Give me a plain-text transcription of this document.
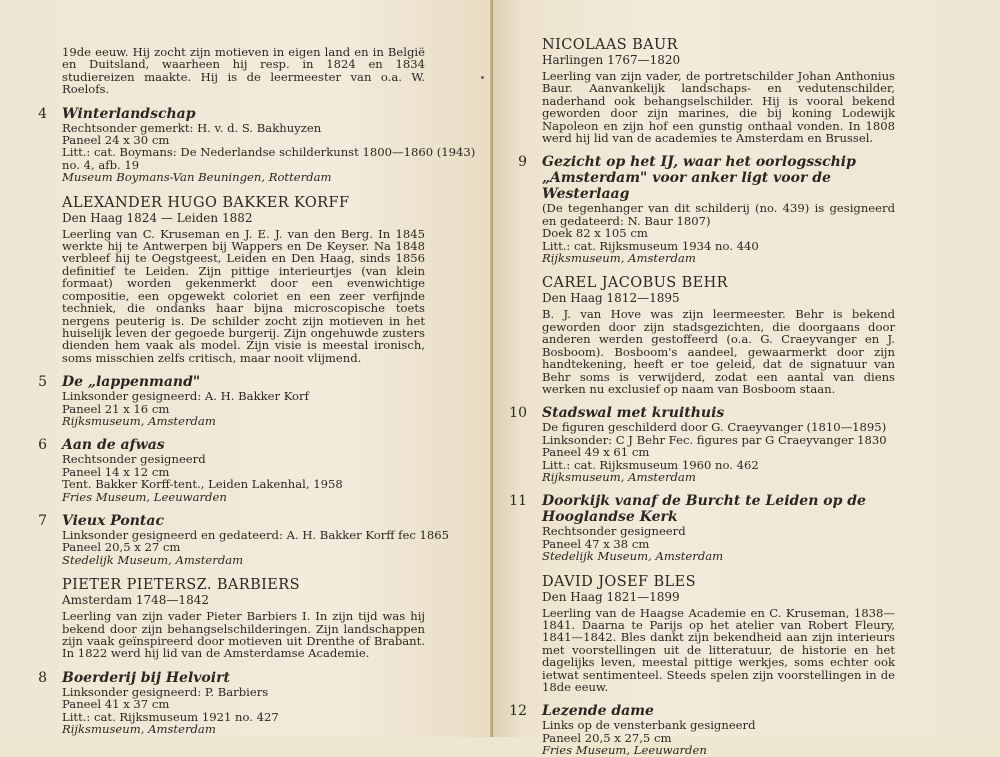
19de eeuw. Hij zocht zijn motieven in eigen land en in België en Duitsland, waarheen hij resp. in 1824 en 1834 studiereizen maakte. Hij is de leermeester van o.a. W. Roelofs.
4 Winterlandschap
Rechtsonder gemerkt: H. v. d. S. Bakhuyzen
Paneel 24 x 30 cm
Litt.: cat. Boymans: De Nederlandse schilderkunst 1800—1860 (1943)
no. 4, afb. 19
Museum Boymans-Van Beuningen, Rotterdam
ALEXANDER HUGO BAKKER KORFF
Den Haag 1824 — Leiden 1882
Leerling van C. Kruseman en J. E. J. van den Berg. In 1845 werkte hij te Antwerpen bij Wappers en De Keyser. Na 1848 verbleef hij te Oegstgeest, Leiden en Den Haag, sinds 1856 definitief te Leiden. Zijn pittige interieurtjes (van klein formaat) worden gekenmerkt door een evenwichtige compositie, een opgewekt coloriet en een zeer verfijnde techniek, die ondanks haar bijna microscopische toets nergens peuterig is. De schilder zocht zijn motieven in het huiselijk leven der gegoede burgerij. Zijn ongehuwde zusters dienden hem vaak als model. Zijn visie is meestal ironisch, soms misschien zelfs critisch, maar nooit vlijmend.
5 De „lappenmand"
Linksonder gesigneerd: A. H. Bakker Korf
Paneel 21 x 16 cm
Rijksmuseum, Amsterdam
6 Aan de afwas
Rechtsonder gesigneerd
Paneel 14 x 12 cm
Tent. Bakker Korff-tent., Leiden Lakenhal, 1958
Fries Museum, Leeuwarden
7 Vieux Pontac
Linksonder gesigneerd en gedateerd: A. H. Bakker Korff fec 1865
Paneel 20,5 x 27 cm
Stedelijk Museum, Amsterdam
PIETER PIETERSZ. BARBIERS
Amsterdam 1748—1842
Leerling van zijn vader Pieter Barbiers I. In zijn tijd was hij bekend door zijn behangselschilderingen. Zijn landschappen zijn vaak geïnspireerd door motieven uit Drenthe of Brabant. In 1822 werd hij lid van de Amsterdamse Academie.
8 Boerderij bij Helvoirt
Linksonder gesigneerd: P. Barbiers
Paneel 41 x 37 cm
Litt.: cat. Rijksmuseum 1921 no. 427
Rijksmuseum, Amsterdam
NICOLAAS BAUR
Harlingen 1767—1820
Leerling van zijn vader, de portretschilder Johan Anthonius Baur. Aanvankelijk landschaps- en vedutenschilder, naderhand ook behangselschilder. Hij is vooral bekend geworden door zijn marines, die bij koning Lodewijk Napoleon en zijn hof een gunstig onthaal vonden. In 1808 werd hij lid van de academies te Amsterdam en Brussel.
9 Gezicht op het IJ, waar het oorlogsschip „Amsterdam" voor anker ligt voor de Westerlaag
(De tegenhanger van dit schilderij (no. 439) is gesigneerd en gedateerd: N. Baur 1807)
Doek 82 x 105 cm
Litt.: cat. Rijksmuseum 1934 no. 440
Rijksmuseum, Amsterdam
CAREL JACOBUS BEHR
Den Haag 1812—1895
B. J. van Hove was zijn leermeester. Behr is bekend geworden door zijn stadsgezichten, die doorgaans door anderen werden gestoffeerd (o.a. G. Craeyvanger en J. Bosboom). Bosboom's aandeel, gewaarmerkt door zijn handtekening, heeft er toe geleid, dat de signatuur van Behr soms is verwijderd, zodat een aantal van diens werken nu exclusief op naam van Bosboom staan.
10 Stadswal met kruithuis
De figuren geschilderd door G. Craeyvanger (1810—1895)
Linksonder: C J Behr Fec. figures par G Craeyvanger 1830
Paneel 49 x 61 cm
Litt.: cat. Rijksmuseum 1960 no. 462
Rijksmuseum, Amsterdam
11 Doorkijk vanaf de Burcht te Leiden op de Hooglandse Kerk
Rechtsonder gesigneerd
Paneel 47 x 38 cm
Stedelijk Museum, Amsterdam
DAVID JOSEF BLES
Den Haag 1821—1899
Leerling van de Haagse Academie en C. Kruseman, 1838—1841. Daarna te Parijs op het atelier van Robert Fleury, 1841—1842. Bles dankt zijn bekendheid aan zijn interieurs met voorstellingen uit de litteratuur, de historie en het dagelijks leven, meestal pittige werkjes, soms echter ook ietwat sentimenteel. Steeds spelen zijn voorstellingen in de 18de eeuw.
12 Lezende dame
Links op de vensterbank gesigneerd
Paneel 20,5 x 27,5 cm
Fries Museum, Leeuwarden
